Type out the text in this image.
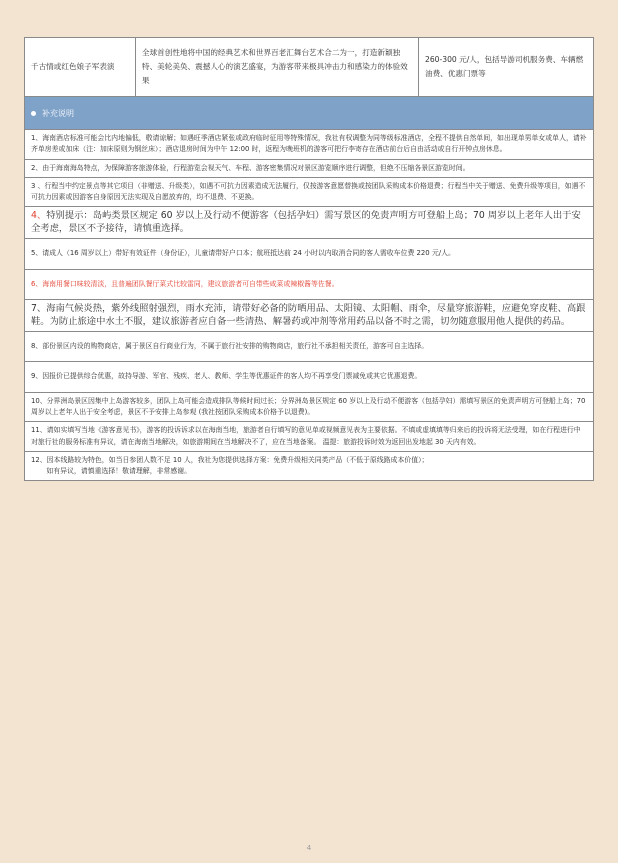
千古情或红色娘子军表演	全球首创性地将中国的经典艺术和世界百老汇舞台艺术合二为一，打造新颖独特、美轮美奂、震撼人心的演艺盛宴，为游客带来极具冲击力和感染力的体验效果	260-300 元/人，包括导游司机服务费、车辆燃油费、优惠门票等
补充说明
1、海南酒店标准可能会比内地偏低，敬请谅解；如遇旺季酒店紧张或政府临时征用等特殊情况，我社有权调整为同等级标准酒店，全程不提供自然单间，如出现单男单女或单人，请补齐单房差或加床（注：加床原则为钢丝床）；酒店退房时间为中午 12:00 时，返程为晚班机的游客可把行李寄存在酒店前台后自由活动或自行开钟点房休息。
2、由于海南海岛特点，为保障游客旅游体验，行程游览会视天气、车程、游客密集情况对景区游览顺序进行调整，但绝不压缩各景区游览时间。
3 、行程当中约定景点等其它项目（非赠送、升级类），如遇不可抗力因素造成无法履行，仅按游客意愿替换或按团队采购成本价格退费；行程当中关于赠送、免费升级等项目，如遇不可抗力因素或因游客自身原因无法实现及自愿放弃的，均不退费、不更换。
4、特别提示：岛屿类景区规定 60 岁以上及行动不便游客（包括孕妇）需写景区的免责声明方可登船上岛；70 周岁以上老年人出于安全考虑，景区不予接待，请慎重选择。
5、请成人（16 周岁以上）带好有效证件（身份证），儿童请带好户口本；航班抵达前 24 小时以内取消合同的客人需收车位费 220 元/人。
6、海南用餐口味较清淡，且普遍团队餐厅菜式比较雷同，建议旅游者可自带些咸菜或辣椒酱等佐餐。
7、海南气候炎热，紫外线照射强烈，雨水充沛，请带好必备的防晒用品、太阳镜、太阳帽、雨伞，尽量穿旅游鞋，应避免穿皮鞋、高跟鞋。为防止旅途中水土不服，建议旅游者应自备一些清热、解暑药或冲剂等常用药品以备不时之需，切勿随意服用他人提供的药品。
8、部份景区内设的购物商店，属于景区自行商业行为，不属于旅行社安排的购物商店，旅行社不承担相关责任，游客可自主选择。
9、因报价已提供综合优惠，故持导游、军官、残疾、老人、教师、学生等优惠证件的客人均不再享受门票减免或其它优惠退费。
10、分界洲岛景区因集中上岛游客较多，团队上岛可能会造成排队等候时间过长；分界洲岛景区规定 60 岁以上及行动不便游客（包括孕妇）需填写景区的免责声明方可登船上岛；70 周岁以上老年人出于安全考虑，景区不予安排上岛参观 (我社按团队采购成本价格予以退费)。
11、请如实填写当地《游客意见书》，游客的投诉诉求以在海南当地，旅游者自行填写的意见单或视频意见表为主要依据。不填或虚填填等归来后的投诉将无法受理，如在行程进行中对旅行社的服务标准有异议，请在海南当地解决，如旅游期间在当地解决不了，应在当地备案。 温提：旅游投诉时效为返回出发地起 30 天内有效。
12、因本线路较为特色，如当日参团人数不足 10 人，我社为您提供选择方案：免费升级相关同类产品（不低于原线路成本价值）；
如有异议，请慎重选择！敬请理解，非常感谢。
4
